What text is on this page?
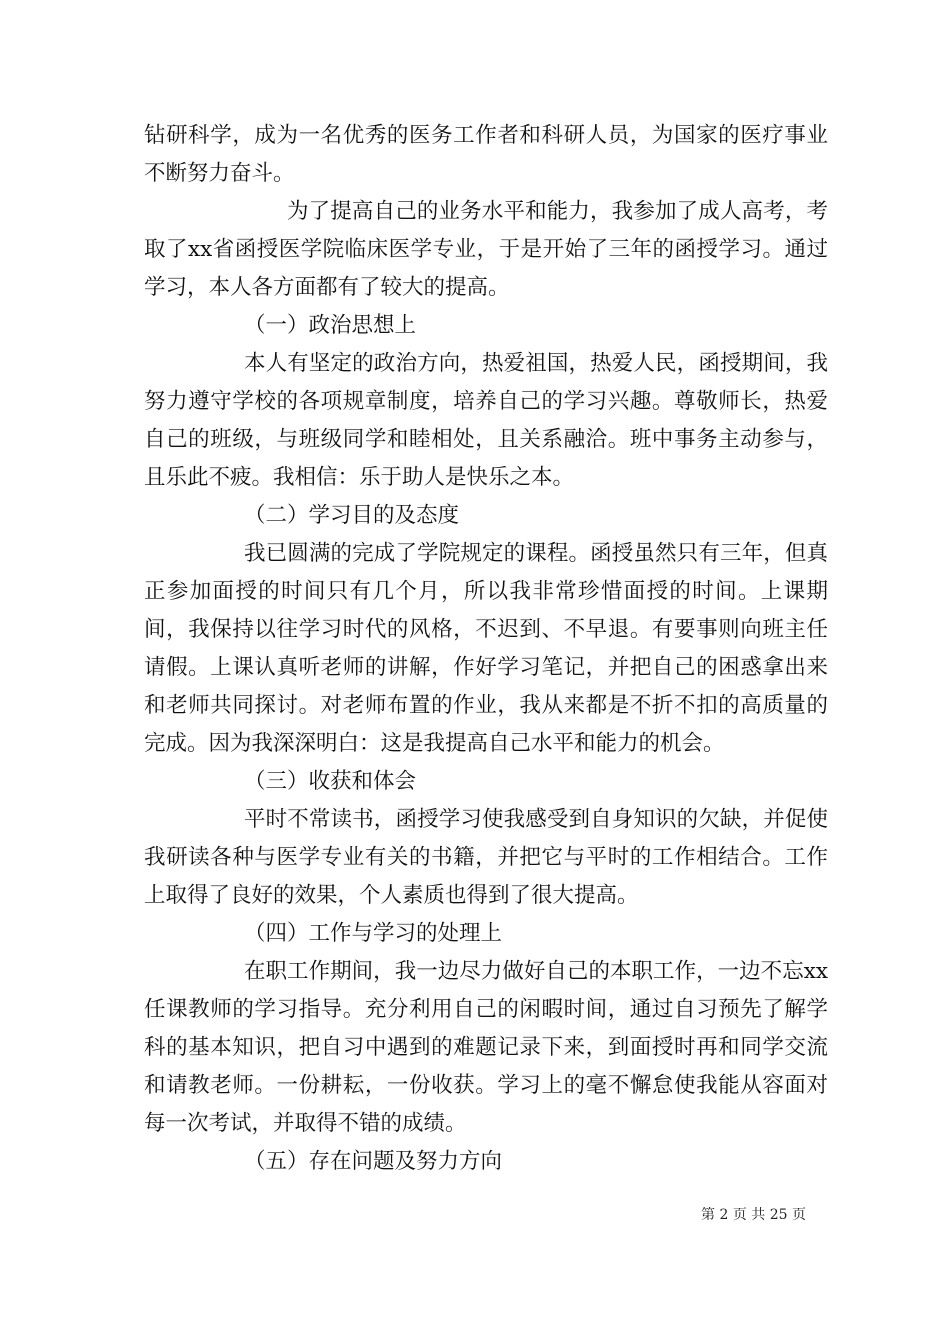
钻研科学，成为一名优秀的医务工作者和科研人员，为国家的医疗事业不断努力奋斗。

为了提高自己的业务水平和能力，我参加了成人高考，考取了xx省函授医学院临床医学专业，于是开始了三年的函授学习。通过学习，本人各方面都有了较大的提高。

（一）政治思想上

本人有坚定的政治方向，热爱祖国，热爱人民，函授期间，我努力遵守学校的各项规章制度，培养自己的学习兴趣。尊敬师长，热爱自己的班级，与班级同学和睦相处，且关系融洽。班中事务主动参与，且乐此不疲。我相信：乐于助人是快乐之本。

（二）学习目的及态度

我已圆满的完成了学院规定的课程。函授虽然只有三年，但真正参加面授的时间只有几个月，所以我非常珍惜面授的时间。上课期间，我保持以往学习时代的风格，不迟到、不早退。有要事则向班主任请假。上课认真听老师的讲解，作好学习笔记，并把自己的困惑拿出来和老师共同探讨。对老师布置的作业，我从来都是不折不扣的高质量的完成。因为我深深明白：这是我提高自己水平和能力的机会。

（三）收获和体会

平时不常读书，函授学习使我感受到自身知识的欠缺，并促使我研读各种与医学专业有关的书籍，并把它与平时的工作相结合。工作上取得了良好的效果，个人素质也得到了很大提高。

（四）工作与学习的处理上

在职工作期间，我一边尽力做好自己的本职工作，一边不忘xx任课教师的学习指导。充分利用自己的闲暇时间，通过自习预先了解学科的基本知识，把自习中遇到的难题记录下来，到面授时再和同学交流和请教老师。一份耕耘，一份收获。学习上的毫不懈怠使我能从容面对每一次考试，并取得不错的成绩。

（五）存在问题及努力方向

第 2 页 共 25 页
